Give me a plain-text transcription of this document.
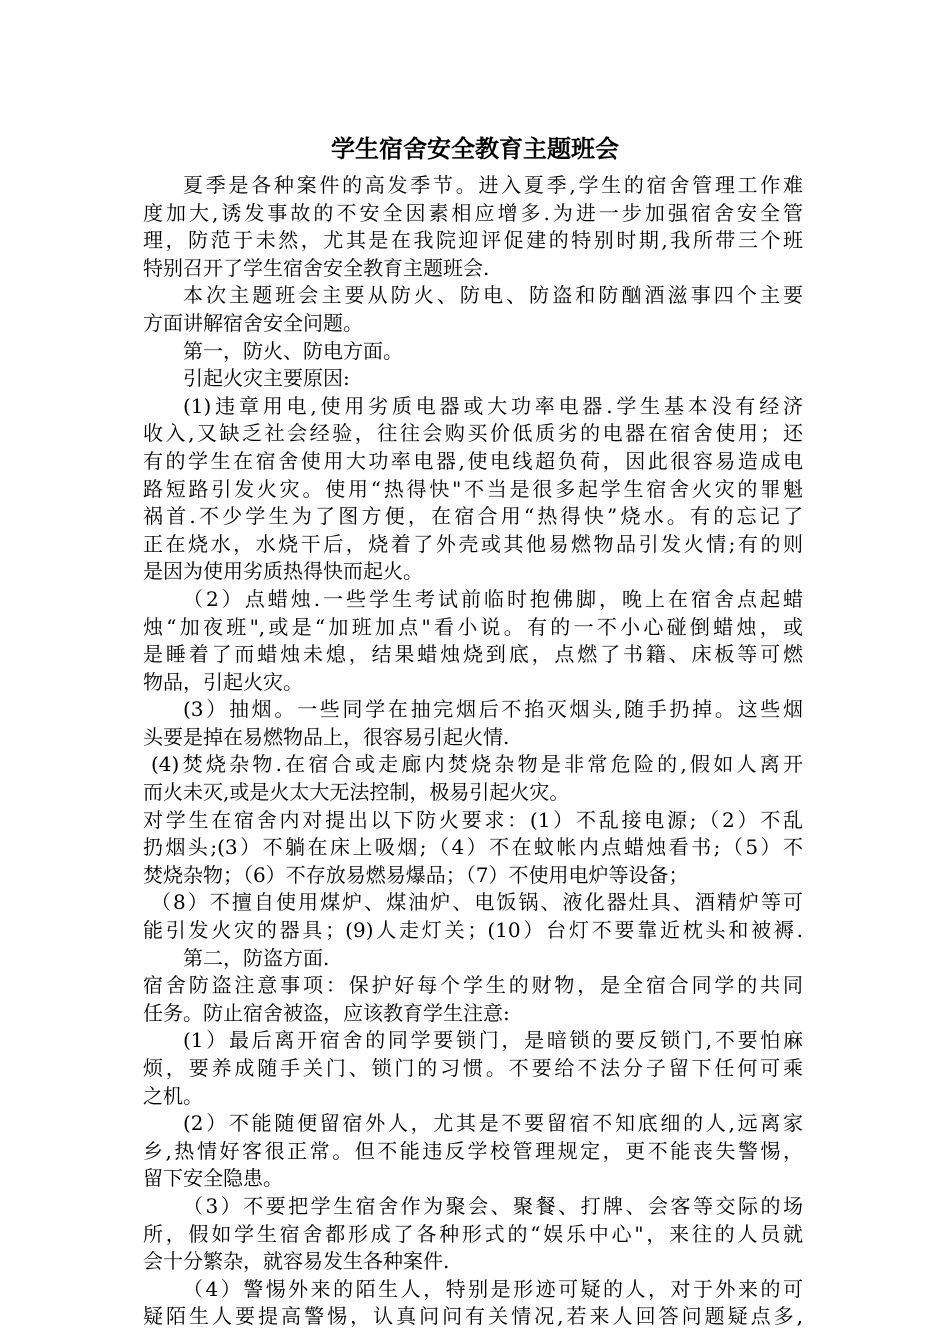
学生宿舍安全教育主题班会
夏季是各种案件的高发季节。进入夏季,学生的宿舍管理工作难
度加大,诱发事故的不安全因素相应增多.为进一步加强宿舍安全管
理，防范于未然，尤其是在我院迎评促建的特别时期,我所带三个班
特别召开了学生宿舍安全教育主题班会.
本次主题班会主要从防火、防电、防盗和防酗酒滋事四个主要
方面讲解宿舍安全问题。
第一，防火、防电方面。
引起火灾主要原因:
(1)违章用电,使用劣质电器或大功率电器.学生基本没有经济
收入,又缺乏社会经验，往往会购买价低质劣的电器在宿舍使用；还
有的学生在宿舍使用大功率电器,使电线超负荷，因此很容易造成电
路短路引发火灾。使用“热得快"不当是很多起学生宿舍火灾的罪魁
祸首.不少学生为了图方便，在宿合用“热得快”烧水。有的忘记了
正在烧水，水烧干后，烧着了外壳或其他易燃物品引发火情;有的则
是因为使用劣质热得快而起火。
（2）点蜡烛.一些学生考试前临时抱佛脚，晚上在宿舍点起蜡
烛“加夜班",或是“加班加点"看小说。有的一不小心碰倒蜡烛，或
是睡着了而蜡烛未熄，结果蜡烛烧到底，点燃了书籍、床板等可燃
物品，引起火灾。
(3）抽烟。一些同学在抽完烟后不掐灭烟头,随手扔掉。这些烟
头要是掉在易燃物品上，很容易引起火情.
(4)焚烧杂物.在宿合或走廊内焚烧杂物是非常危险的,假如人离开
而火未灭,或是火太大无法控制，极易引起火灾。
对学生在宿舍内对提出以下防火要求：(1）不乱接电源;（2）不乱
扔烟头;(3）不躺在床上吸烟;（4）不在蚊帐内点蜡烛看书;（5）不
焚烧杂物；（6）不存放易燃易爆品；（7）不使用电炉等设备；
（8）不擅自使用煤炉、煤油炉、电饭锅、液化器灶具、酒精炉等可
能引发火灾的器具；(9)人走灯关；(10）台灯不要靠近枕头和被褥.
第二，防盗方面.
宿舍防盗注意事项：保护好每个学生的财物，是全宿合同学的共同
任务。防止宿舍被盗，应该教育学生注意:
(1）最后离开宿舍的同学要锁门，是暗锁的要反锁门,不要怕麻
烦，要养成随手关门、锁门的习惯。不要给不法分子留下任何可乘
之机。
(2）不能随便留宿外人，尤其是不要留宿不知底细的人,远离家
乡,热情好客很正常。但不能违反学校管理规定，更不能丧失警惕，
留下安全隐患。
（3）不要把学生宿舍作为聚会、聚餐、打牌、会客等交际的场
所，假如学生宿舍都形成了各种形式的“娱乐中心"，来往的人员就
会十分繁杂，就容易发生各种案件.
（4）警惕外来的陌生人，特别是形迹可疑的人，对于外来的可
疑陌生人要提高警惕，认真问问有关情况,若来人回答问题疑点多,
